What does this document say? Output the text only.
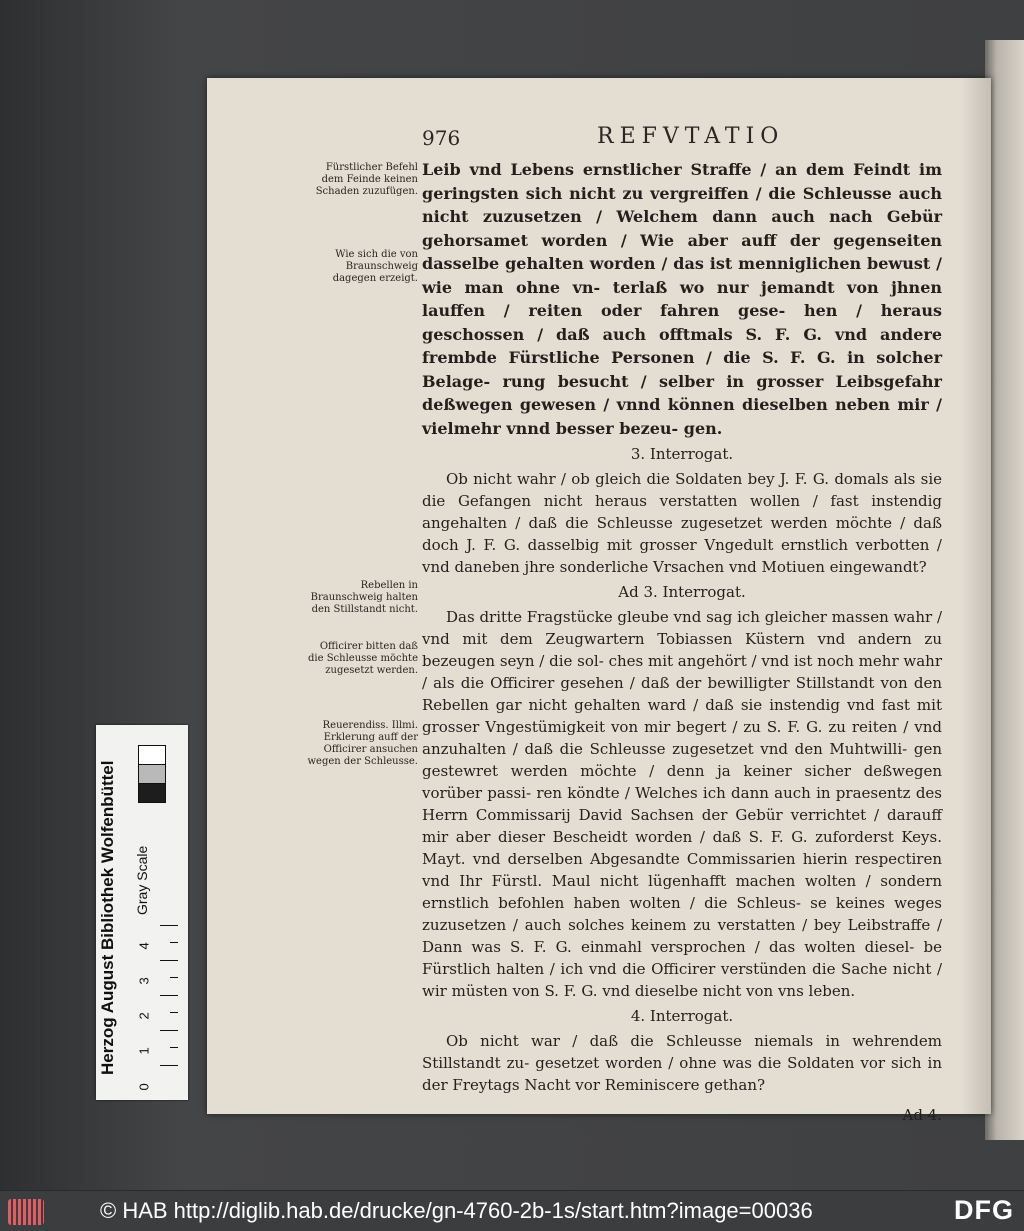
976	REFVTATIO
Fürstlicher Befehl dem Feinde keinen Schaden zuzufügen.
Wie sich die von Braunschweig dagegen erzeigt.
Rebellen in Braunschweig halten den Stillstandt nicht.
Officirer bitten daß die Schleusse möchte zugesetzt werden.
Reuerendiss. Illmi. Erklerung auff der Officirer ansuchen wegen der Schleusse.

Leib vnd Lebens ernstlicher Straffe / an dem Feindt im geringsten sich nicht zu vergreiffen / die Schleusse auch nicht zuzusetzen / Welchem dann auch nach Gebür gehorsamet worden / Wie aber auff der gegenseiten dasselbe gehalten worden / das ist menniglichen bewust / wie man ohne vn- terlaß wo nur jemandt von jhnen lauffen / reiten oder fahren gese- hen / heraus geschossen / daß auch offtmals S. F. G. vnd andere frembde Fürstliche Personen / die S. F. G. in solcher Belage- rung besucht / selber in grosser Leibsgefahr deßwegen gewesen / vnnd können dieselben neben mir / vielmehr vnnd besser bezeu- gen.

3. Interrogat.

Ob nicht wahr / ob gleich die Soldaten bey J. F. G. domals als sie die Gefangen nicht heraus verstatten wollen / fast instendig angehalten / daß die Schleusse zugesetzet werden möchte / daß doch J. F. G. dasselbig mit grosser Vngedult ernstlich verbotten / vnd daneben jhre sonderliche Vrsachen vnd Motiuen eingewandt?

Ad 3. Interrogat.

Das dritte Fragstücke gleube vnd sag ich gleicher massen wahr / vnd mit dem Zeugwartern Tobiassen Küstern vnd andern zu bezeugen seyn / die sol- ches mit angehört / vnd ist noch mehr wahr / als die Officirer gesehen / daß der bewilligter Stillstandt von den Rebellen gar nicht gehalten ward / daß sie instendig vnd fast mit grosser Vngestümigkeit von mir begert / zu S. F. G. zu reiten / vnd anzuhalten / daß die Schleusse zugesetzet vnd den Muhtwilli- gen gestewret werden möchte / denn ja keiner sicher deßwegen vorüber passi- ren köndte / Welches ich dann auch in praesentz des Herrn Commissarij David Sachsen der Gebür verrichtet / darauff mir aber dieser Bescheidt worden / daß S. F. G. zuforderst Keys. Mayt. vnd derselben Abgesandte Commissarien hierin respectiren vnd Ihr Fürstl. Maul nicht lügenhafft machen wolten / sondern ernstlich befohlen haben wolten / die Schleus- se keines weges zuzusetzen / auch solches keinem zu verstatten / bey Leibstraffe / Dann was S. F. G. einmahl versprochen / das wolten diesel- be Fürstlich halten / ich vnd die Officirer verstünden die Sache nicht / wir müsten von S. F. G. vnd dieselbe nicht von vns leben.

4. Interrogat.

Ob nicht war / daß die Schleusse niemals in wehrendem Stillstandt zu- gesetzet worden / ohne was die Soldaten vor sich in der Freytags Nacht vor Reminiscere gethan?

Ad 4.
Herzog August Bibliothek Wolfenbüttel	Gray Scale
0
1
2
3
4
© HAB http://diglib.hab.de/drucke/gn-4760-2b-1s/start.htm?image=00036	DFG
